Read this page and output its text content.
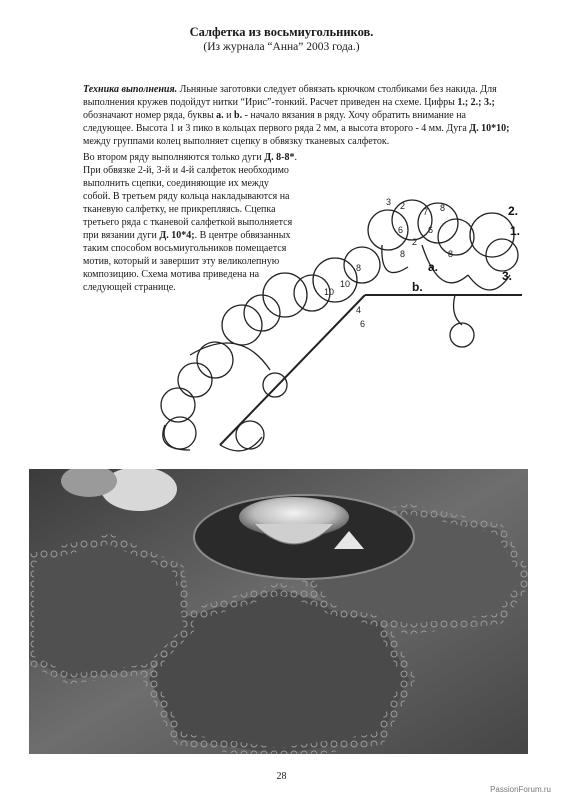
Салфетка из восьмиугольников.
(Из журнала “Анна” 2003 года.)

Техника выполнения. Льняные заготовки следует обвязать крючком столбиками без накида. Для выполнения кружев подойдут нитки “Ирис”-тонкий. Расчет приведен на схеме. Цифры 1.; 2.; 3.; обозначают номер ряда, буквы a. и b. - начало вязания в ряду. Хочу обратить внимание на следующее. Высота 1 и 3 пико в кольцах первого ряда 2 мм, а высота второго - 4 мм. Дуга Д. 10*10; между группами колец выполняет сцепку в обвязку тканевых салфеток.

Во втором ряду выполняются только дуги Д. 8-8*. При обвязке 2-й, 3-й и 4-й салфеток необходимо выполнить сцепки, соединяющие их между собой. В третьем ряду кольца накладываются на тканевую салфетку, не прикрепляясь. Сцепка третьего ряда с тканевой салфеткой выполняется при вязании дуги Д. 10*4;. В центре обвязанных таким способом восьмиугольников помещается мотив, который и завершит эту великолепную композицию. Схема мотива приведена на следующей странице.

2.
1.
3.
a.
b.
3 2
7 8
6	6
2
8	8
8
10
10
4
6
28
PassionForum.ru
